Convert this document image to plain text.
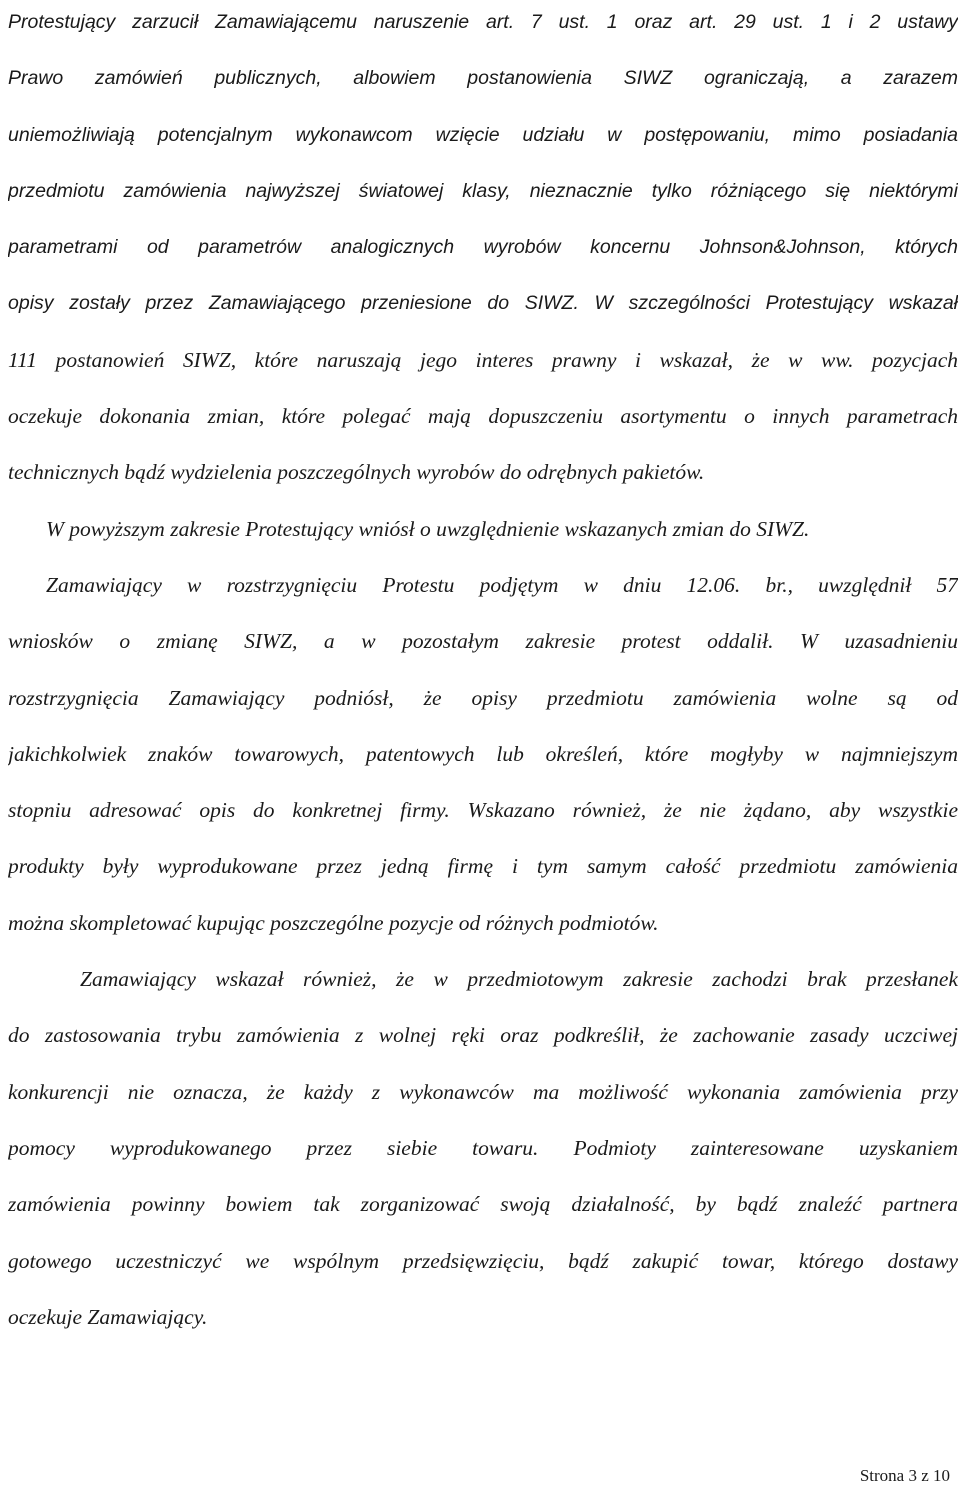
Protestujący zarzucił Zamawiającemu naruszenie art. 7 ust. 1 oraz art. 29 ust. 1 i 2 ustawy
Prawo zamówień publicznych, albowiem postanowienia SIWZ ograniczają, a zarazem
uniemożliwiają potencjalnym wykonawcom wzięcie udziału w postępowaniu, mimo posiadania
przedmiotu zamówienia najwyższej światowej klasy, nieznacznie tylko różniącego się niektórymi
parametrami od parametrów analogicznych wyrobów koncernu Johnson&Johnson, których
opisy zostały przez Zamawiającego przeniesione do SIWZ. W szczególności Protestujący wskazał
111 postanowień SIWZ, które naruszają jego interes prawny i wskazał, że w ww. pozycjach
oczekuje dokonania zmian, które polegać mają dopuszczeniu asortymentu o innych parametrach
technicznych bądź wydzielenia poszczególnych wyrobów do odrębnych pakietów.
W powyższym zakresie Protestujący wniósł o uwzględnienie wskazanych zmian do SIWZ.
Zamawiający w rozstrzygnięciu Protestu podjętym w dniu 12.06. br., uwzględnił 57
wniosków o zmianę SIWZ, a w pozostałym zakresie protest oddalił. W uzasadnieniu
rozstrzygnięcia Zamawiający podniósł, że opisy przedmiotu zamówienia wolne są od
jakichkolwiek znaków towarowych, patentowych lub określeń, które mogłyby w najmniejszym
stopniu adresować opis do konkretnej firmy. Wskazano również, że nie żądano, aby wszystkie
produkty były wyprodukowane przez jedną firmę i tym samym całość przedmiotu zamówienia
można skompletować kupując poszczególne pozycje od różnych podmiotów.
Zamawiający wskazał również, że w przedmiotowym zakresie zachodzi brak przesłanek
do zastosowania trybu zamówienia z wolnej ręki oraz podkreślił, że zachowanie zasady uczciwej
konkurencji nie oznacza, że każdy z wykonawców ma możliwość wykonania zamówienia przy
pomocy wyprodukowanego przez siebie towaru. Podmioty zainteresowane uzyskaniem
zamówienia powinny bowiem tak zorganizować swoją działalność, by bądź znaleźć partnera
gotowego uczestniczyć we wspólnym przedsięwzięciu, bądź zakupić towar, którego dostawy
oczekuje Zamawiający.
Strona 3 z 10
